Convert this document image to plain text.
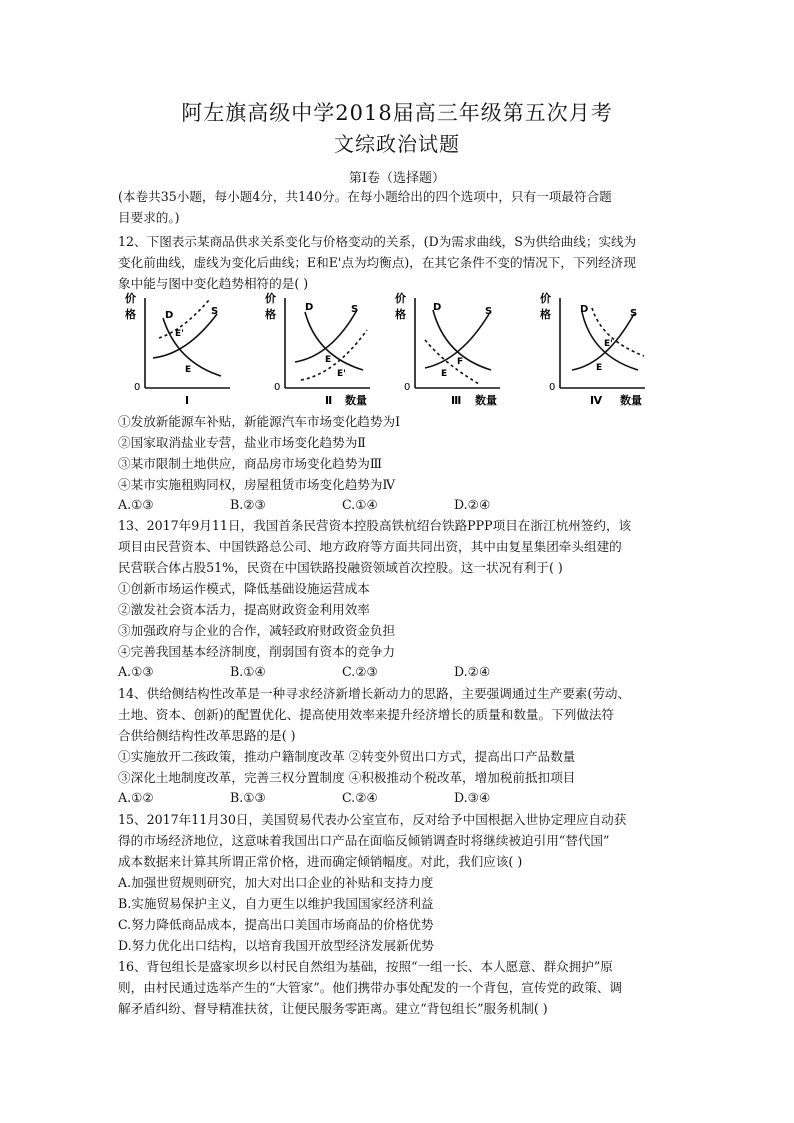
阿左旗高级中学2018届高三年级第五次月考
文综政治试题
第Ⅰ卷（选择题）
(本卷共35小题，每小题4分，共140分。在每小题给出的四个选项中，只有一项最符合题
目要求的。)
12、下图表示某商品供求关系变化与价格变动的关系，(D为需求曲线，S为供给曲线；实线为
变化前曲线，虚线为变化后曲线；E和E'点为均衡点)，在其它条件不变的情况下，下列经济现
象中能与图中变化趋势相符的是( )
价
格
0
D	S
E'
E
Ⅰ
价
格
0
D	S
E
E'
Ⅱ 数量
价
格
0
D	S
E
F
Ⅲ 数量
价
格
0
D	S
E'
E
Ⅳ 数量
①发放新能源车补贴，新能源汽车市场变化趋势为Ⅰ
②国家取消盐业专营，盐业市场变化趋势为Ⅱ
③某市限制土地供应，商品房市场变化趋势为Ⅲ
④某市实施租购同权，房屋租赁市场变化趋势为Ⅳ
A.①③	B.②③	C.①④	D.②④
13、2017年9月11日，我国首条民营资本控股高铁杭绍台铁路PPP项目在浙江杭州签约，该
项目由民营资本、中国铁路总公司、地方政府等方面共同出资，其中由复星集团牵头组建的
民营联合体占股51%，民资在中国铁路投融资领域首次控股。这一状况有利于( )
①创新市场运作模式，降低基础设施运营成本
②激发社会资本活力，提高财政资金利用效率
③加强政府与企业的合作，减轻政府财政资金负担
④完善我国基本经济制度，削弱国有资本的竞争力
A.①③	B.①④	C.②③	D.②④
14、供给侧结构性改革是一种寻求经济新增长新动力的思路，主要强调通过生产要素(劳动、
土地、资本、创新)的配置优化、提高使用效率来提升经济增长的质量和数量。下列做法符
合供给侧结构性改革思路的是( )
①实施放开二孩政策，推动户籍制度改革 ②转变外贸出口方式，提高出口产品数量
③深化土地制度改革，完善三权分置制度 ④积极推动个税改革，增加税前抵扣项目
A.①②	B.①③	C.②④	D.③④
15、2017年11月30日，美国贸易代表办公室宣布，反对给予中国根据入世协定理应自动获
得的市场经济地位，这意味着我国出口产品在面临反倾销调查时将继续被迫引用“替代国”
成本数据来计算其所谓正常价格，进而确定倾销幅度。对此，我们应该( )
A.加强世贸规则研究，加大对出口企业的补贴和支持力度
B.实施贸易保护主义，自力更生以维护我国国家经济利益
C.努力降低商品成本，提高出口美国市场商品的价格优势
D.努力优化出口结构，以培育我国开放型经济发展新优势
16、背包组长是盛家坝乡以村民自然组为基础，按照“一组一长、本人愿意、群众拥护”原
则，由村民通过选举产生的“大管家”。他们携带办事处配发的一个背包，宣传党的政策、调
解矛盾纠纷、督导精准扶贫，让便民服务零距离。建立“背包组长”服务机制( )
